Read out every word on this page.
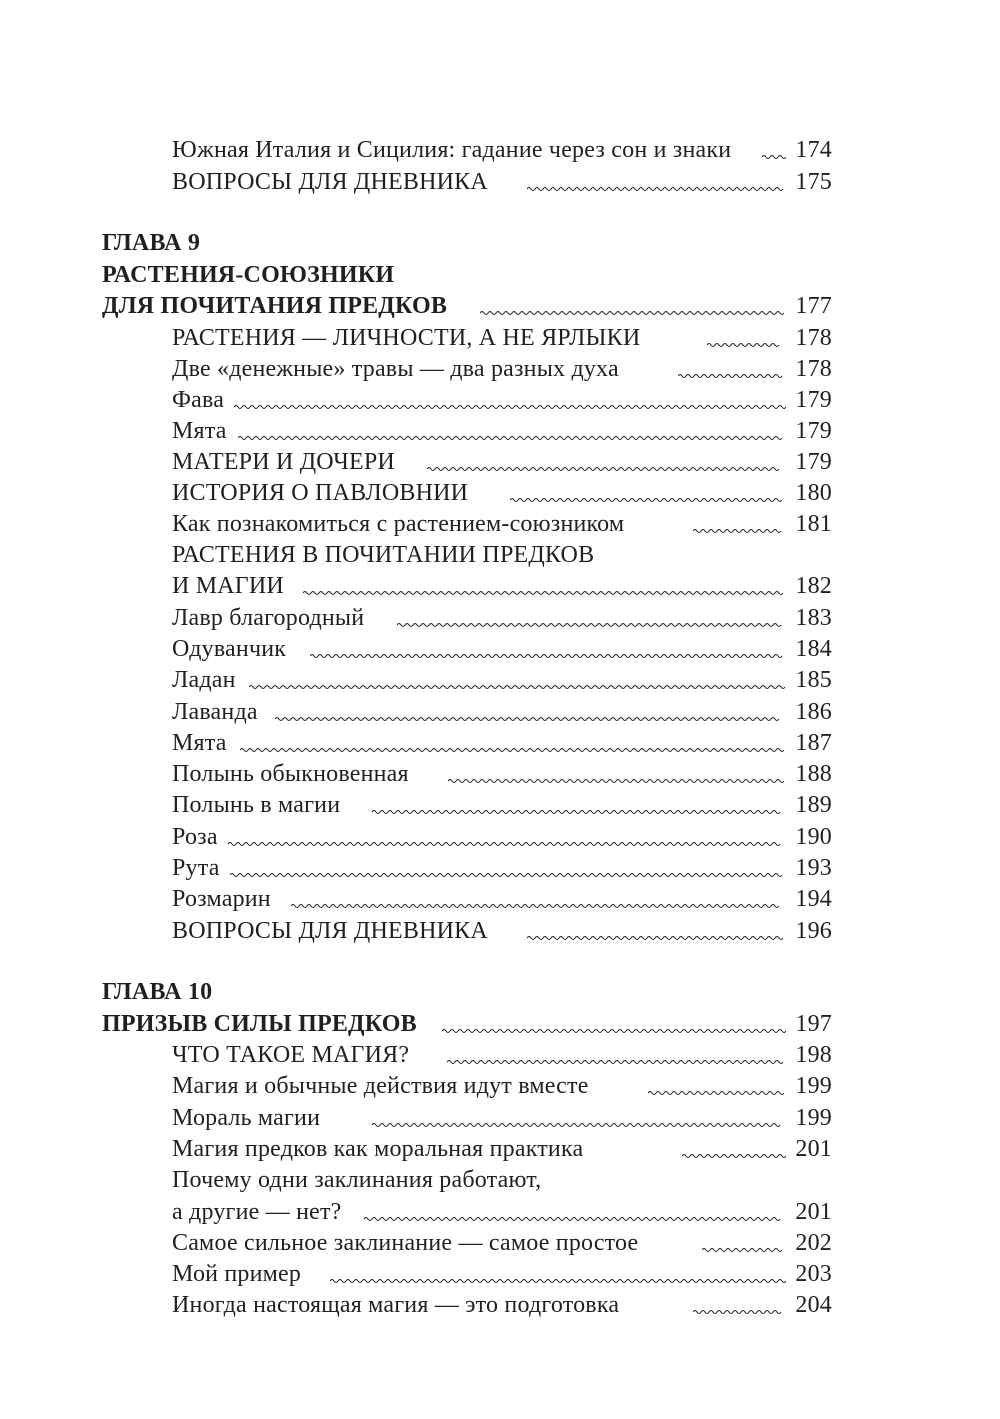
Южная Италия и Сицилия: гадание через сон и знаки	174
ВОПРОСЫ ДЛЯ ДНЕВНИКА	175
ГЛАВА 9
РАСТЕНИЯ-СОЮЗНИКИ
ДЛЯ ПОЧИТАНИЯ ПРЕДКОВ	177
РАСТЕНИЯ — ЛИЧНОСТИ, А НЕ ЯРЛЫКИ	178
Две «денежные» травы — два разных духа	178
Фава	179
Мята	179
МАТЕРИ И ДОЧЕРИ	179
ИСТОРИЯ О ПАВЛОВНИИ	180
Как познакомиться с растением-союзником	181
РАСТЕНИЯ В ПОЧИТАНИИ ПРЕДКОВ
И МАГИИ	182
Лавр благородный	183
Одуванчик	184
Ладан	185
Лаванда	186
Мята	187
Полынь обыкновенная	188
Полынь в магии	189
Роза	190
Рута	193
Розмарин	194
ВОПРОСЫ ДЛЯ ДНЕВНИКА	196
ГЛАВА 10
ПРИЗЫВ СИЛЫ ПРЕДКОВ	197
ЧТО ТАКОЕ МАГИЯ?	198
Магия и обычные действия идут вместе	199
Мораль магии	199
Магия предков как моральная практика	201
Почему одни заклинания работают,
а другие — нет?	201
Самое сильное заклинание — самое простое	202
Мой пример	203
Иногда настоящая магия — это подготовка	204
